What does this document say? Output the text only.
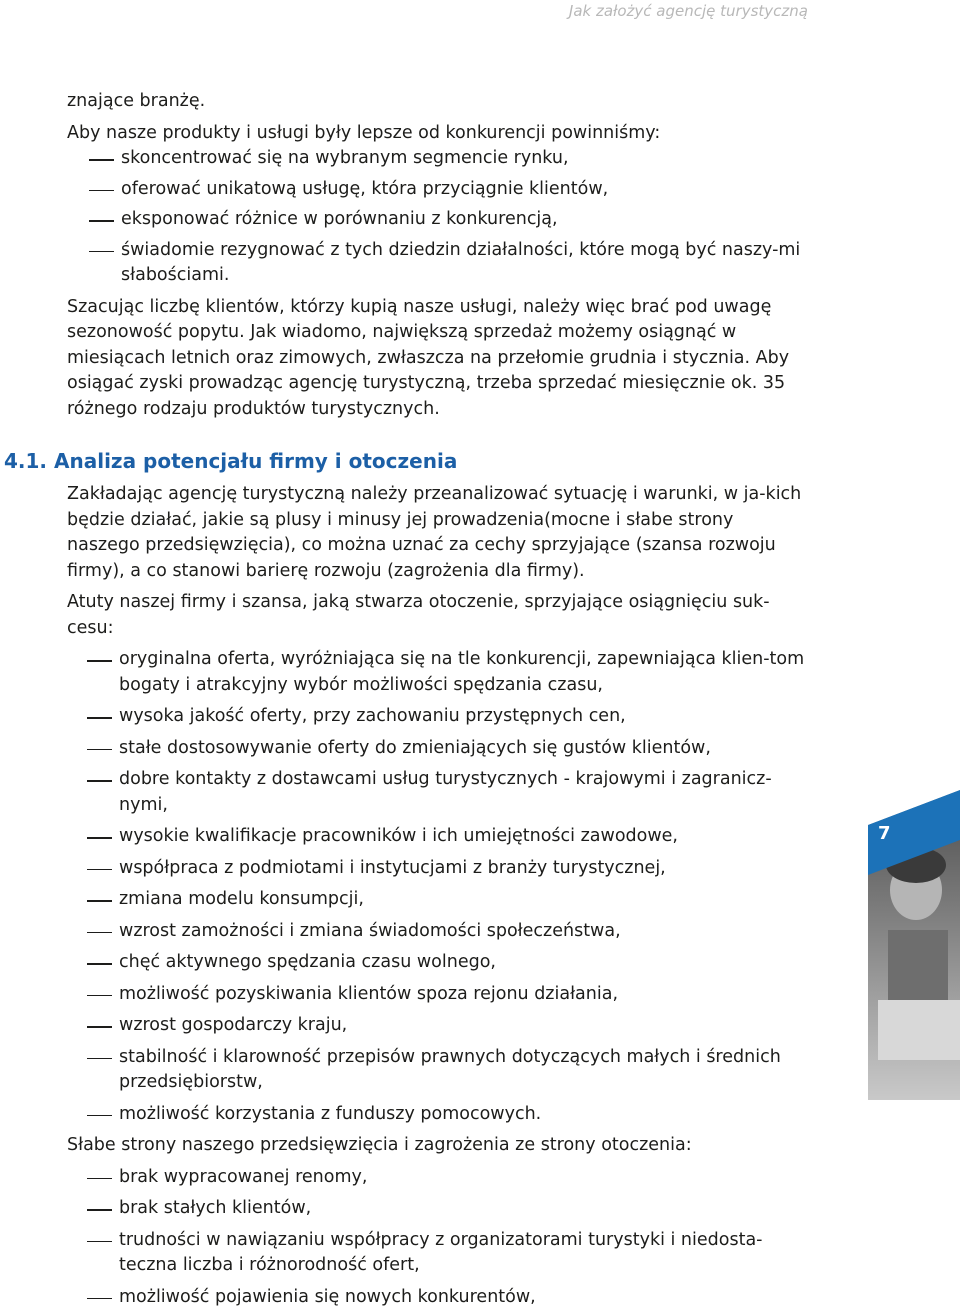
Jak założyć agencję turystyczną

znające branżę.

Aby nasze produkty i usługi były lepsze od konkurencji powinniśmy:

skoncentrować się na wybranym segmencie rynku,
oferować unikatową usługę, która przyciągnie klientów,
eksponować różnice w porównaniu z konkurencją,
świadomie rezygnować z tych dziedzin działalności, które mogą być naszy-mi słabościami.

Szacując liczbę klientów, którzy kupią nasze usługi, należy więc brać pod uwagę sezonowość popytu. Jak wiadomo, największą sprzedaż możemy osiągnąć w miesiącach letnich oraz zimowych, zwłaszcza na przełomie grudnia i stycznia. Aby osiągać zyski prowadząc agencję turystyczną, trzeba sprzedać miesięcznie ok. 35 różnego rodzaju produktów turystycznych.

4.1. Analiza potencjału firmy i otoczenia

Zakładając agencję turystyczną należy przeanalizować sytuację i warunki, w ja-kich będzie działać, jakie są plusy i minusy jej prowadzenia(mocne i słabe strony naszego przedsięwzięcia), co można uznać za cechy sprzyjające (szansa rozwoju firmy), a co stanowi barierę rozwoju (zagrożenia dla firmy).

Atuty naszej firmy i szansa, jaką stwarza otoczenie, sprzyjające osiągnięciu suk-cesu:

oryginalna oferta, wyróżniająca się na tle konkurencji, zapewniająca klien-tom bogaty i atrakcyjny wybór możliwości spędzania czasu,
wysoka jakość oferty, przy zachowaniu przystępnych cen,
stałe dostosowywanie oferty do zmieniających się gustów klientów,
dobre kontakty z dostawcami usług turystycznych - krajowymi i zagranicz-nymi,
wysokie kwalifikacje pracowników i ich umiejętności zawodowe,
współpraca z podmiotami i instytucjami z branży turystycznej,
zmiana modelu konsumpcji,
wzrost zamożności i zmiana świadomości społeczeństwa,
chęć aktywnego spędzania czasu wolnego,
możliwość pozyskiwania klientów spoza rejonu działania,
wzrost gospodarczy kraju,
stabilność i klarowność przepisów prawnych dotyczących małych i średnich przedsiębiorstw,
możliwość korzystania z funduszy pomocowych.

Słabe strony naszego przedsięwzięcia i zagrożenia ze strony otoczenia:

brak wypracowanej renomy,
brak stałych klientów,
trudności w nawiązaniu współpracy z organizatorami turystyki i niedosta-teczna liczba i różnorodność ofert,
możliwość pojawienia się nowych konkurentów,
7
